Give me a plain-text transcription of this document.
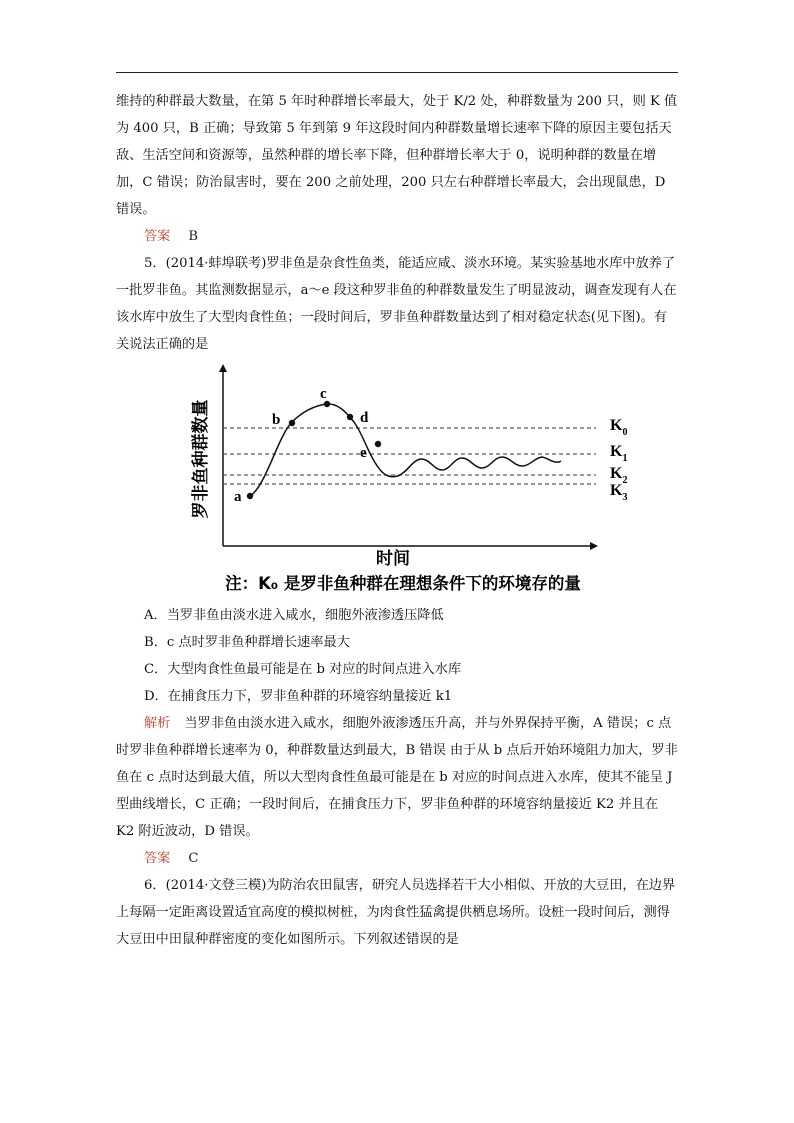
维持的种群最大数量，在第 5 年时种群增长率最大，处于 K/2 处，种群数量为 200 只，则 K 值为 400 只，B 正确；导致第 5 年到第 9 年这段时间内种群数量增长速率下降的原因主要包括天敌、生活空间和资源等，虽然种群的增长率下降，但种群增长率大于 0，说明种群的数量在增加，C 错误；防治鼠害时，要在 200 之前处理，200 只左右种群增长率最大，会出现鼠患，D 错误。

答案 B

5．(2014·蚌埠联考)罗非鱼是杂食性鱼类，能适应咸、淡水环境。某实验基地水库中放养了一批罗非鱼。其监测数据显示，a～e 段这种罗非鱼的种群数量发生了明显波动，调查发现有人在该水库中放生了大型肉食性鱼；一段时间后，罗非鱼种群数量达到了相对稳定状态(见下图)。有关说法正确的是

$K_0$
$K_1$
$K_2$
$K_3$
a
b
c
d
e
罗非鱼种群数量
时间
注：K₀ 是罗非鱼种群在理想条件下的环境存的量

A．当罗非鱼由淡水进入咸水，细胞外液渗透压降低

B．c 点时罗非鱼种群增长速率最大

C．大型肉食性鱼最可能是在 b 对应的时间点进入水库

D．在捕食压力下，罗非鱼种群的环境容纳量接近 k1

解析 当罗非鱼由淡水进入咸水，细胞外液渗透压升高，并与外界保持平衡，A 错误；c 点时罗非鱼种群增长速率为 0，种群数量达到最大，B 错误 由于从 b 点后开始环境阻力加大，罗非鱼在 c 点时达到最大值，所以大型肉食性鱼最可能是在 b 对应的时间点进入水库，使其不能呈 J 型曲线增长，C 正确；一段时间后，在捕食压力下，罗非鱼种群的环境容纳量接近 K2 并且在 K2 附近波动，D 错误。

答案 C

6．(2014·文登三模)为防治农田鼠害，研究人员选择若干大小相似、开放的大豆田，在边界上每隔一定距离设置适宜高度的模拟树桩，为肉食性猛禽提供栖息场所。设桩一段时间后，测得大豆田中田鼠种群密度的变化如图所示。下列叙述错误的是
